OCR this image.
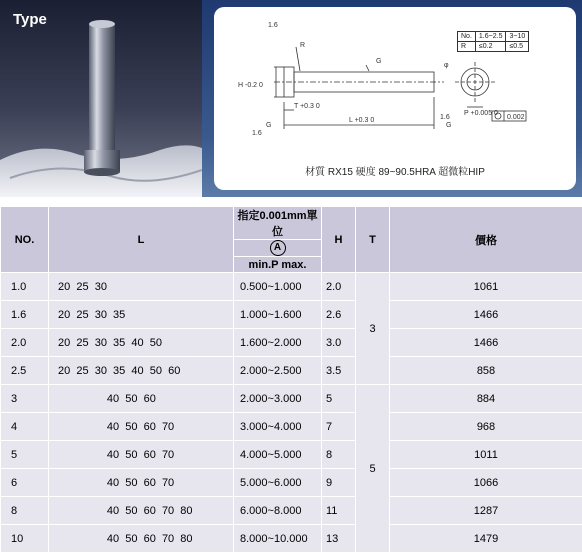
Type	1.6
R
G
φ
H -0.2 0
T +0.3 0
L +0.3 0
1.6
1.6
G	G
P +0.005 0
0.002
No.	1.6~2.5	3~10
R	≤0.2	≤0.5
材質 RX15 硬度 89~90.5HRA 超微粒HIP
NO.	L	指定0.001mm單位	H	T	價格
		A			
		min.P max.			
1.0	20  25  30	0.500~1.000	2.0	3	1061
1.6	20  25  30  35	1.000~1.600	2.6		1466
2.0	20  25  30  35  40  50	1.600~2.000	3.0		1466
2.5	20  25  30  35  40  50  60	2.000~2.500	3.5		858
3	40  50  60	2.000~3.000	5	5	884
4	40  50  60  70	3.000~4.000	7		968
5	40  50  60  70	4.000~5.000	8		1011
6	40  50  60  70	5.000~6.000	9		1066
8	40  50  60  70  80	6.000~8.000	11		1287
10	40  50  60  70  80	8.000~10.000	13		1479
